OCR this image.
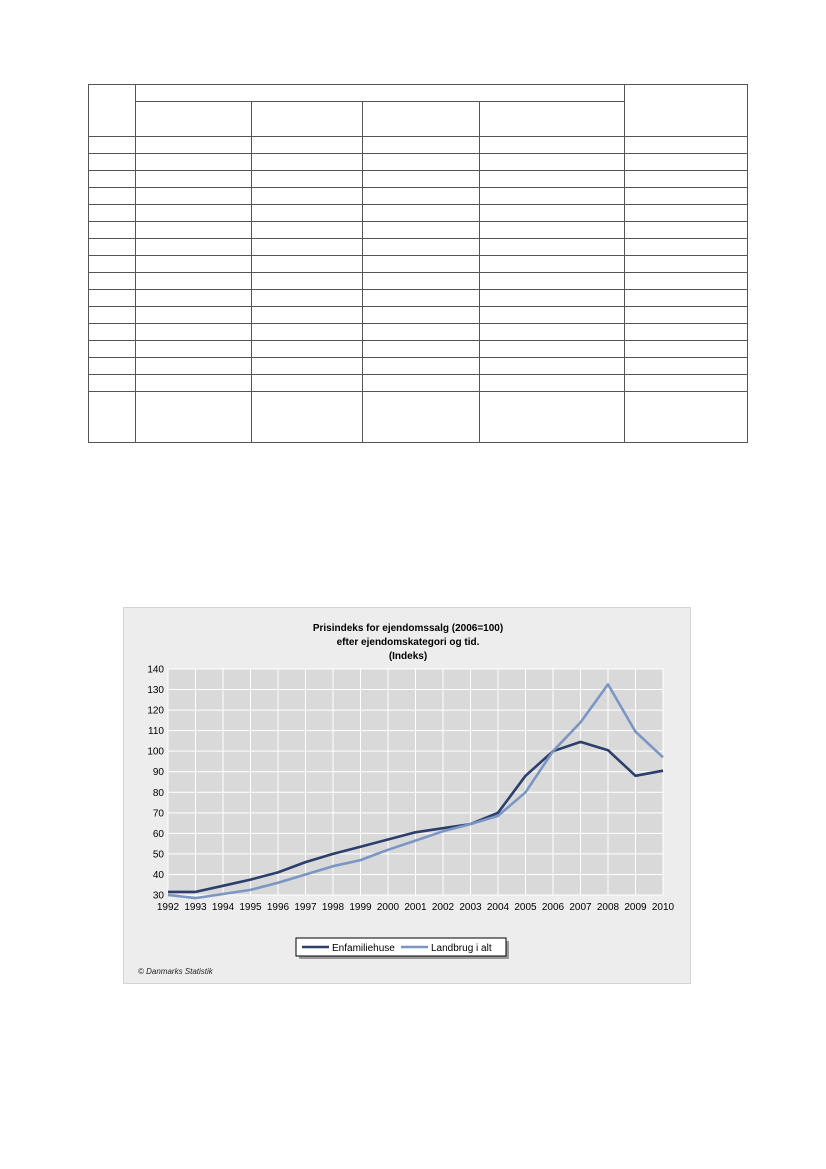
Prisindeks for ejendomssalg (2006=100)
efter ejendomskategori og tid.
(Indeks)
30
40
50
60
70
80
90
100
110
120
130
140
1992 1993 1994 1995 1996 1997 1998 1999 2000 2001 2002 2003 2004 2005 2006 2007 2008 2009 2010
Enfamiliehuse	Landbrug i alt
© Danmarks Statistik
